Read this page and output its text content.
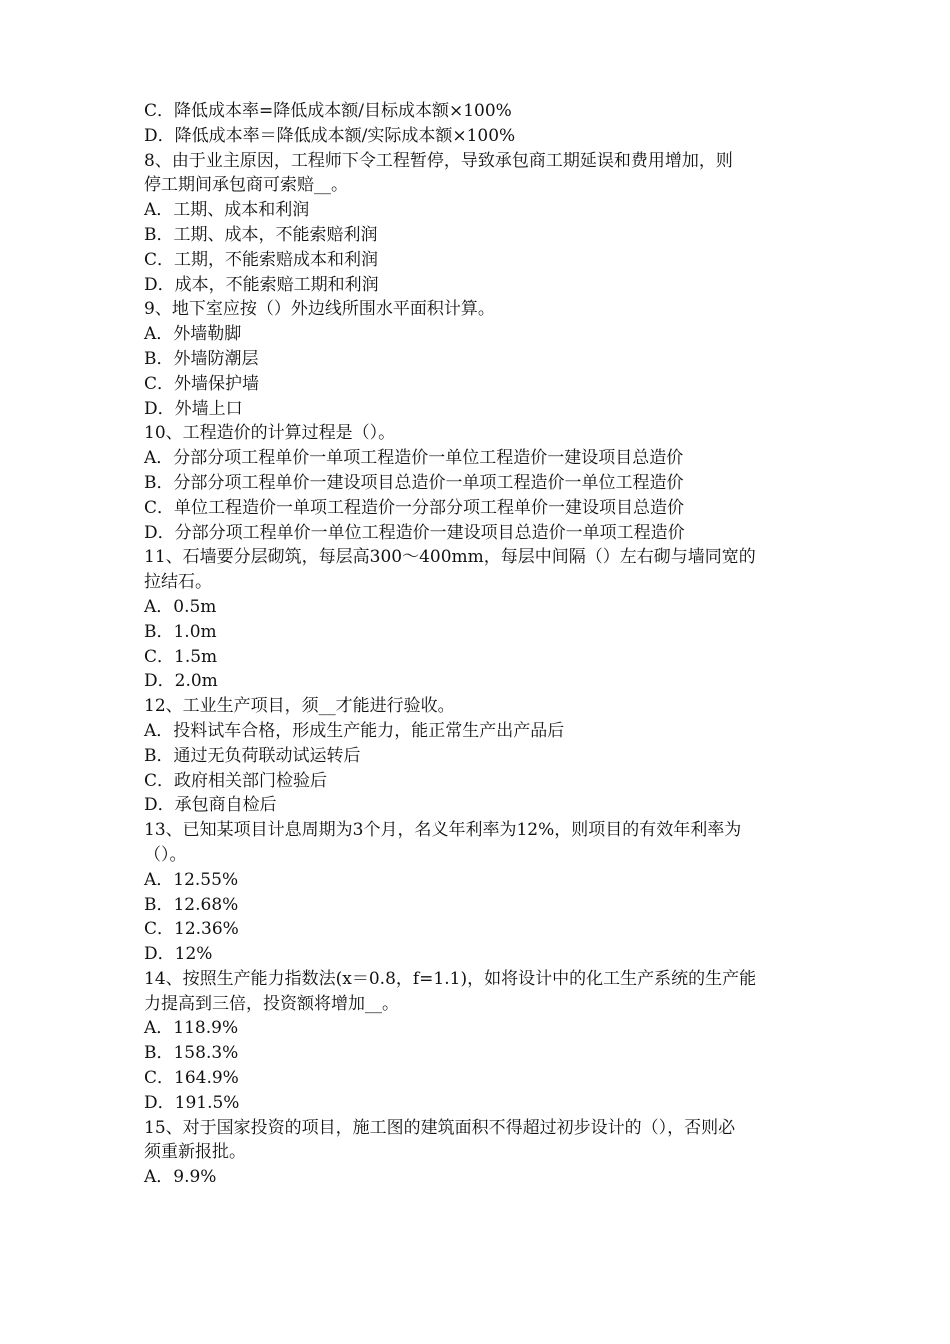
C．降低成本率=降低成本额/目标成本额×100%
D．降低成本率＝降低成本额/实际成本额×100%
8、由于业主原因，工程师下令工程暂停，导致承包商工期延误和费用增加，则
停工期间承包商可索赔__。
A．工期、成本和利润
B．工期、成本，不能索赔利润
C．工期，不能索赔成本和利润
D．成本，不能索赔工期和利润
9、地下室应按（）外边线所围水平面积计算。
A．外墙勒脚
B．外墙防潮层
C．外墙保护墙
D．外墙上口
10、工程造价的计算过程是（）。
A．分部分项工程单价一单项工程造价一单位工程造价一建设项目总造价
B．分部分项工程单价一建设项目总造价一单项工程造价一单位工程造价
C．单位工程造价一单项工程造价一分部分项工程单价一建设项目总造价
D．分部分项工程单价一单位工程造价一建设项目总造价一单项工程造价
11、石墙要分层砌筑，每层高300～400mm，每层中间隔（）左右砌与墙同宽的
拉结石。
A．0.5m
B．1.0m
C．1.5m
D．2.0m
12、工业生产项目，须__才能进行验收。
A．投料试车合格，形成生产能力，能正常生产出产品后
B．通过无负荷联动试运转后
C．政府相关部门检验后
D．承包商自检后
13、已知某项目计息周期为3个月，名义年利率为12%，则项目的有效年利率为
（）。
A．12.55%
B．12.68%
C．12.36%
D．12%
14、按照生产能力指数法(x＝0.8，f=1.1)，如将设计中的化工生产系统的生产能
力提高到三倍，投资额将增加__。
A．118.9%
B．158.3%
C．164.9%
D．191.5%
15、对于国家投资的项目，施工图的建筑面积不得超过初步设计的（），否则必
须重新报批。
A．9.9%
